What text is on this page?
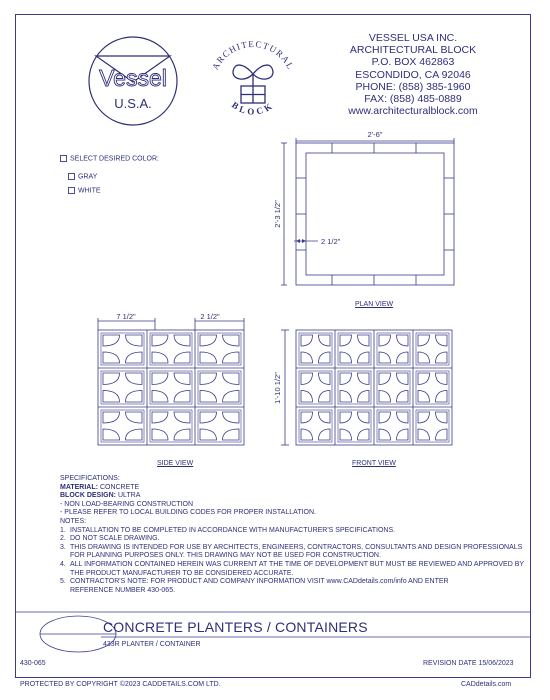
Vessel
U.S.A.
ARCHITECTURAL
BLOCK
VESSEL USA INC.
ARCHITECTURAL BLOCK
P.O. BOX 462863
ESCONDIDO, CA 92046
PHONE: (858) 385-1960
FAX: (858) 485-0889
www.architecturalblock.com
SELECT DESIRED COLOR:
GRAY
WHITE
2'-6"
2'-3 1/2"
2 1/2"
PLAN VIEW
7 1/2"	2 1/2"
SIDE VIEW
1'-10 1/2"
FRONT VIEW
SPECIFICATIONS:
MATERIAL: CONCRETE
BLOCK DESIGN: ULTRA
- NON LOAD-BEARING CONSTRUCTION
- PLEASE REFER TO LOCAL BUILDING CODES FOR PROPER INSTALLATION.
NOTES:
1. INSTALLATION TO BE COMPLETED IN ACCORDANCE WITH MANUFACTURER'S SPECIFICATIONS.
2. DO NOT SCALE DRAWING.
3. THIS DRAWING IS INTENDED FOR USE BY ARCHITECTS, ENGINEERS, CONTRACTORS, CONSULTANTS AND DESIGN PROFESSIONALS
FOR PLANNING PURPOSES ONLY. THIS DRAWING MAY NOT BE USED FOR CONSTRUCTION.
4. ALL INFORMATION CONTAINED HEREIN WAS CURRENT AT THE TIME OF DEVELOPMENT BUT MUST BE REVIEWED AND APPROVED BY
THE PRODUCT MANUFACTURER TO BE CONSIDERED ACCURATE.
5. CONTRACTOR'S NOTE: FOR PRODUCT AND COMPANY INFORMATION VISIT www.CADdetails.com/info AND ENTER
REFERENCE NUMBER 430-065.
CONCRETE PLANTERS / CONTAINERS
433R PLANTER / CONTAINER
430-065	REVISION DATE 15/06/2023
PROTECTED BY COPYRIGHT ©2023 CADDETAILS.COM LTD.	CADdetails.com
